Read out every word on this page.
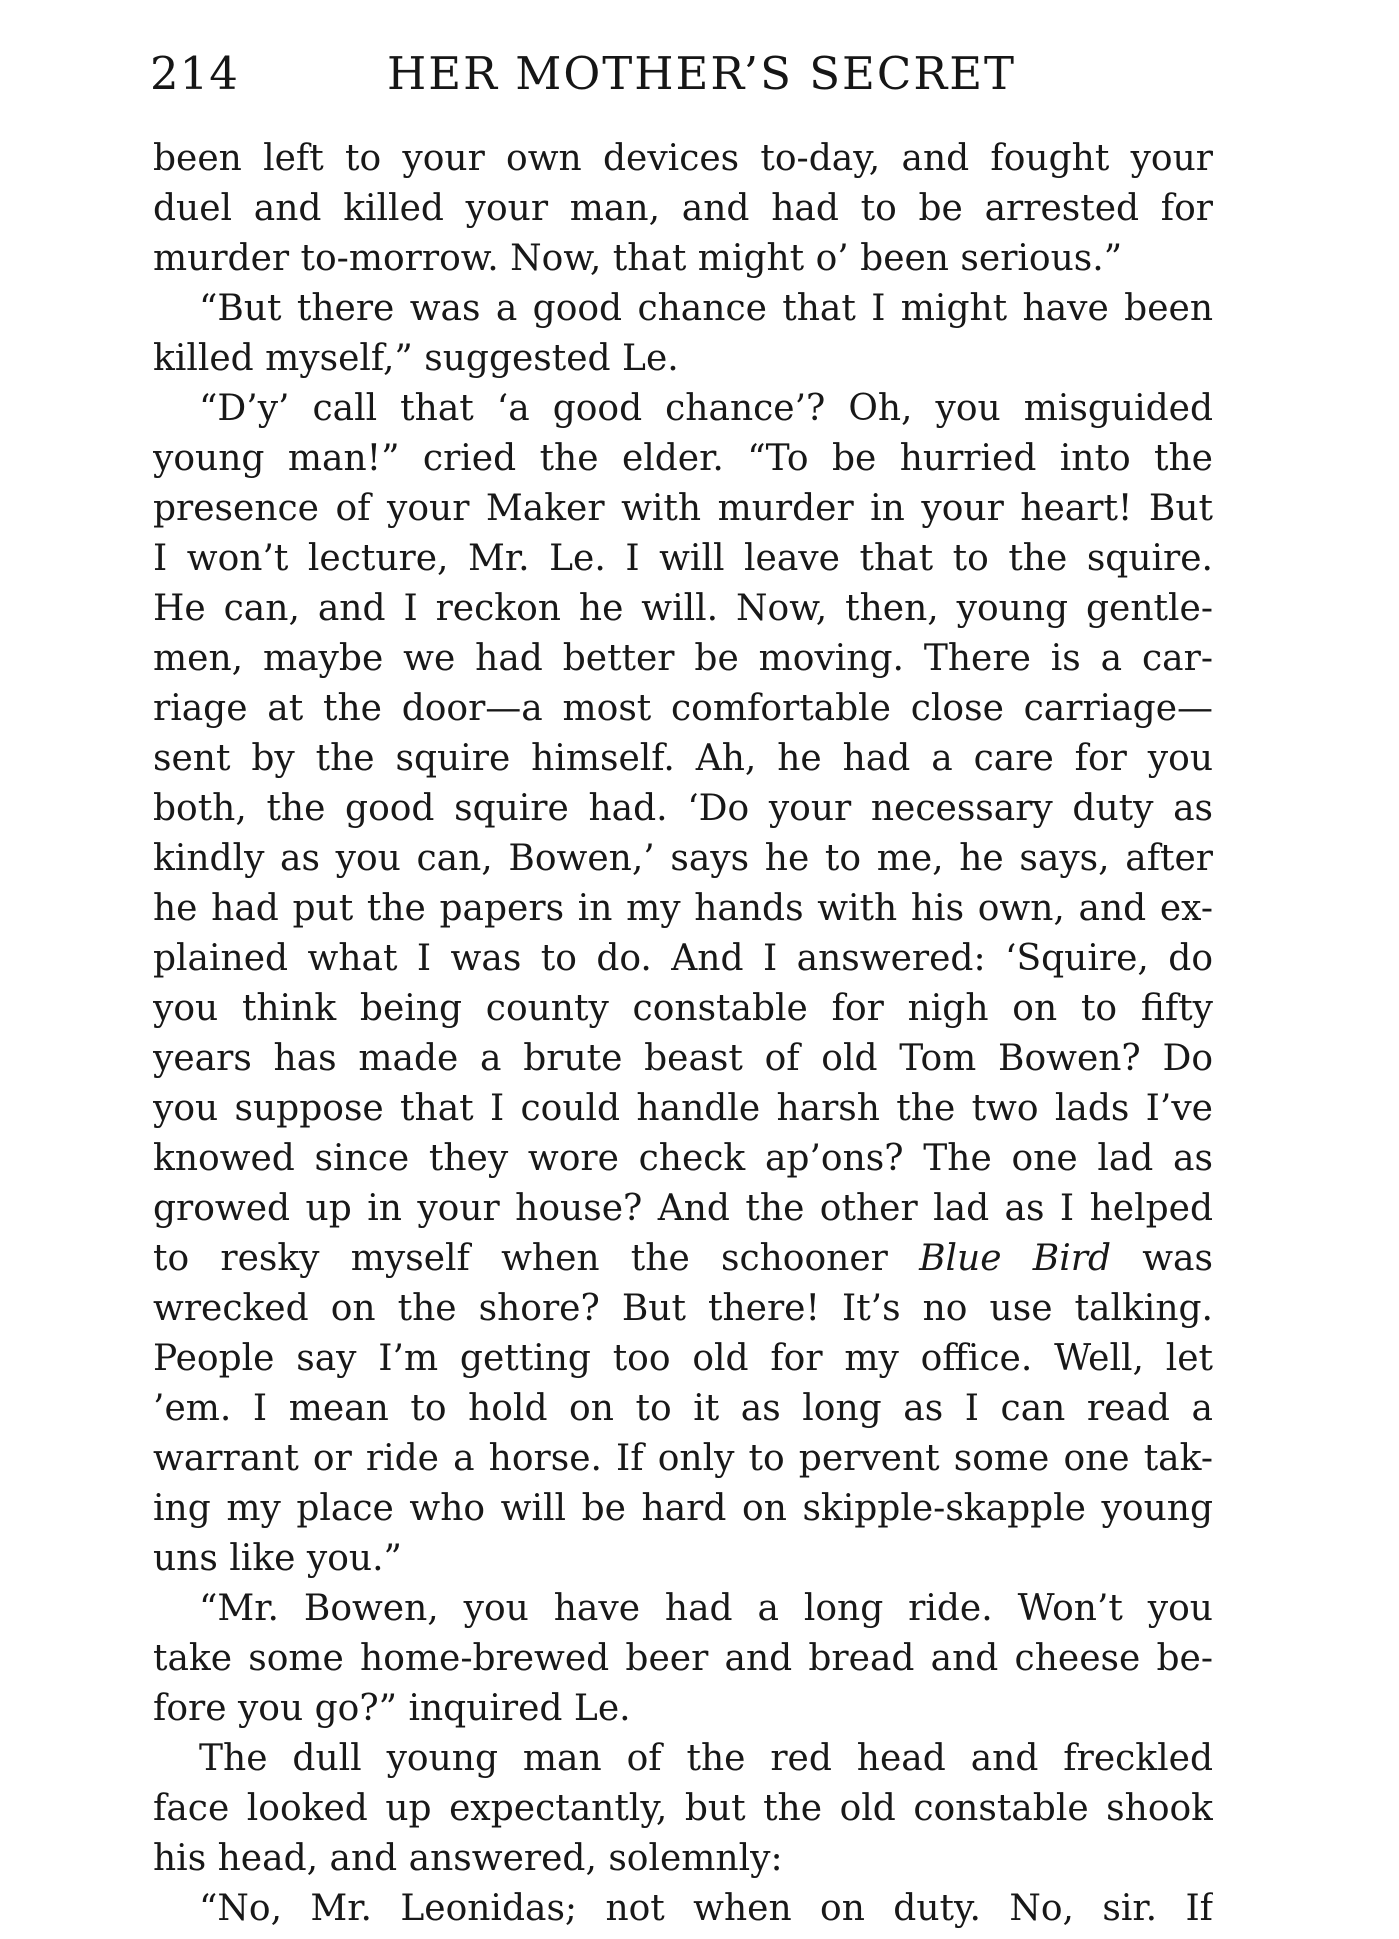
214	HER MOTHER’S SECRET
been left to your own devices to-day, and fought your
duel and killed your man, and had to be arrested for
murder to-morrow. Now, that might o’ been serious.”
“But there was a good chance that I might have been
killed myself,” suggested Le.
“D’y’ call that ‘a good chance’? Oh, you misguided
young man!” cried the elder. “To be hurried into the
presence of your Maker with murder in your heart! But
I won’t lecture, Mr. Le. I will leave that to the squire.
He can, and I reckon he will. Now, then, young gentle-
men, maybe we had better be moving. There is a car-
riage at the door—a most comfortable close carriage—
sent by the squire himself. Ah, he had a care for you
both, the good squire had. ‘Do your necessary duty as
kindly as you can, Bowen,’ says he to me, he says, after
he had put the papers in my hands with his own, and ex-
plained what I was to do. And I answered: ‘Squire, do
you think being county constable for nigh on to fifty
years has made a brute beast of old Tom Bowen? Do
you suppose that I could handle harsh the two lads I’ve
knowed since they wore check ap’ons? The one lad as
growed up in your house? And the other lad as I helped
to resky myself when the schooner Blue Bird was
wrecked on the shore? But there! It’s no use talking.
People say I’m getting too old for my office. Well, let
’em. I mean to hold on to it as long as I can read a
warrant or ride a horse. If only to pervent some one tak-
ing my place who will be hard on skipple-skapple young
uns like you.”
“Mr. Bowen, you have had a long ride. Won’t you
take some home-brewed beer and bread and cheese be-
fore you go?” inquired Le.
The dull young man of the red head and freckled
face looked up expectantly, but the old constable shook
his head, and answered, solemnly:
“No, Mr. Leonidas; not when on duty. No, sir. If
